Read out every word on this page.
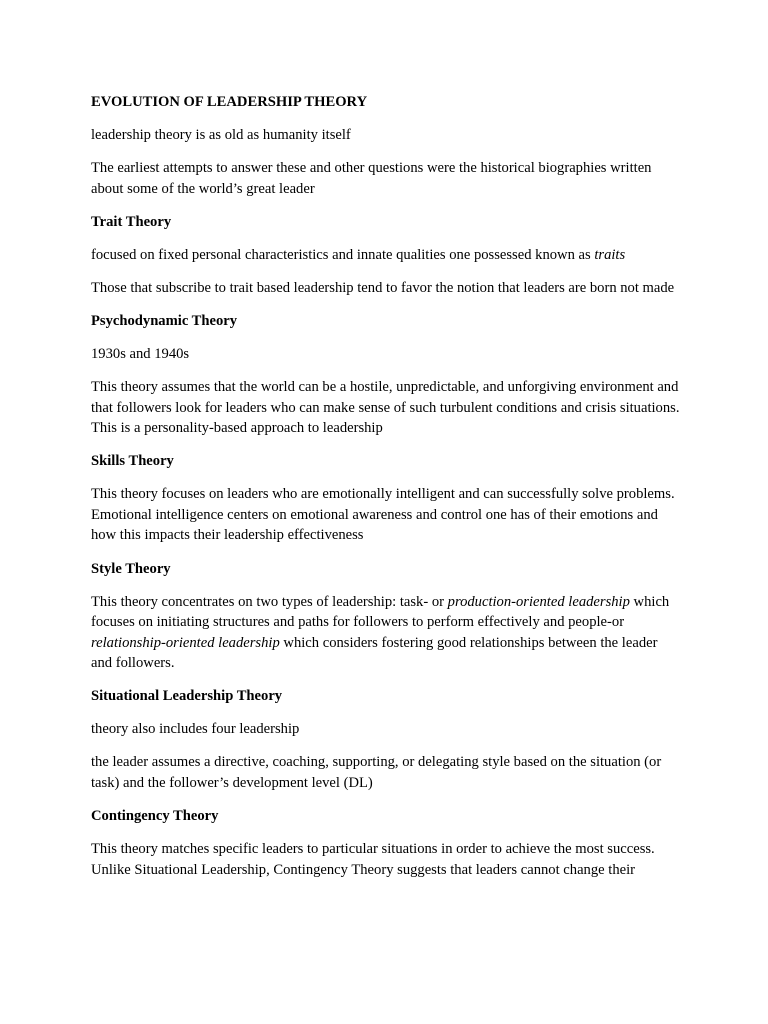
EVOLUTION OF LEADERSHIP THEORY

leadership theory is as old as humanity itself

The earliest attempts to answer these and other questions were the historical biographies written about some of the world’s great leader

Trait Theory

focused on fixed personal characteristics and innate qualities one possessed known as traits

Those that subscribe to trait based leadership tend to favor the notion that leaders are born not made

Psychodynamic Theory

1930s and 1940s

This theory assumes that the world can be a hostile, unpredictable, and unforgiving environment and that followers look for leaders who can make sense of such turbulent conditions and crisis situations. This is a personality-based approach to leadership

Skills Theory

This theory focuses on leaders who are emotionally intelligent and can successfully solve problems. Emotional intelligence centers on emotional awareness and control one has of their emotions and how this impacts their leadership effectiveness

Style Theory

This theory concentrates on two types of leadership: task- or production-oriented leadership which focuses on initiating structures and paths for followers to perform effectively and people-or relationship-oriented leadership which considers fostering good relationships between the leader and followers.

Situational Leadership Theory

theory also includes four leadership

the leader assumes a directive, coaching, supporting, or delegating style based on the situation (or task) and the follower’s development level (DL)

Contingency Theory

This theory matches specific leaders to particular situations in order to achieve the most success. Unlike Situational Leadership, Contingency Theory suggests that leaders cannot change their
